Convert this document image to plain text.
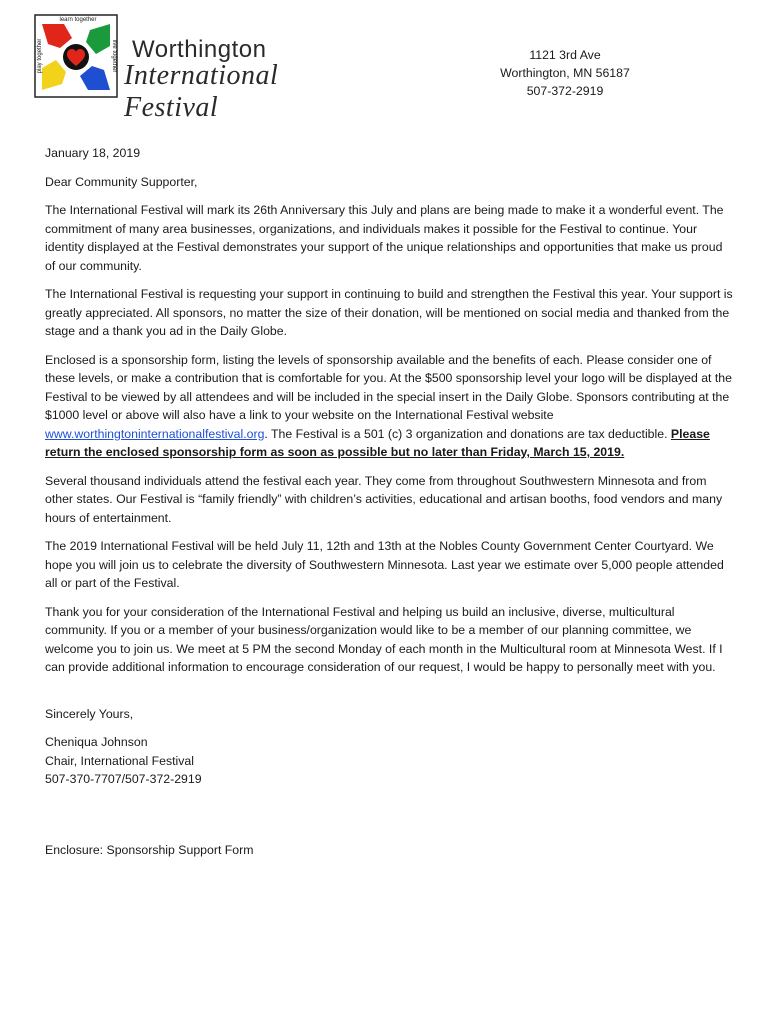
learn together
play together	live together Worthington
International Festival
1121 3rd Ave
Worthington, MN 56187
507-372-2919

January 18, 2019

Dear Community Supporter,

The International Festival will mark its 26th Anniversary this July and plans are being made to make it a wonderful event. The commitment of many area businesses, organizations, and individuals makes it possible for the Festival to continue. Your identity displayed at the Festival demonstrates your support of the unique relationships and opportunities that make us proud of our community.

The International Festival is requesting your support in continuing to build and strengthen the Festival this year. Your support is greatly appreciated. All sponsors, no matter the size of their donation, will be mentioned on social media and thanked from the stage and a thank you ad in the Daily Globe.

Enclosed is a sponsorship form, listing the levels of sponsorship available and the benefits of each. Please consider one of these levels, or make a contribution that is comfortable for you. At the $500 sponsorship level your logo will be displayed at the Festival to be viewed by all attendees and will be included in the special insert in the Daily Globe. Sponsors contributing at the $1000 level or above will also have a link to your website on the International Festival website www.worthingtoninternationalfestival.org. The Festival is a 501 (c) 3 organization and donations are tax deductible. Please return the enclosed sponsorship form as soon as possible but no later than Friday, March 15, 2019.

Several thousand individuals attend the festival each year. They come from throughout Southwestern Minnesota and from other states. Our Festival is “family friendly” with children’s activities, educational and artisan booths, food vendors and many hours of entertainment.

The 2019 International Festival will be held July 11, 12th and 13th at the Nobles County Government Center Courtyard. We hope you will join us to celebrate the diversity of Southwestern Minnesota. Last year we estimate over 5,000 people attended all or part of the Festival.

Thank you for your consideration of the International Festival and helping us build an inclusive, diverse, multicultural community. If you or a member of your business/organization would like to be a member of our planning committee, we welcome you to join us. We meet at 5 PM the second Monday of each month in the Multicultural room at Minnesota West. If I can provide additional information to encourage consideration of our request, I would be happy to personally meet with you.

Sincerely Yours,

Cheniqua Johnson
Chair, International Festival
507-370-7707/507-372-2919
Enclosure: Sponsorship Support Form
